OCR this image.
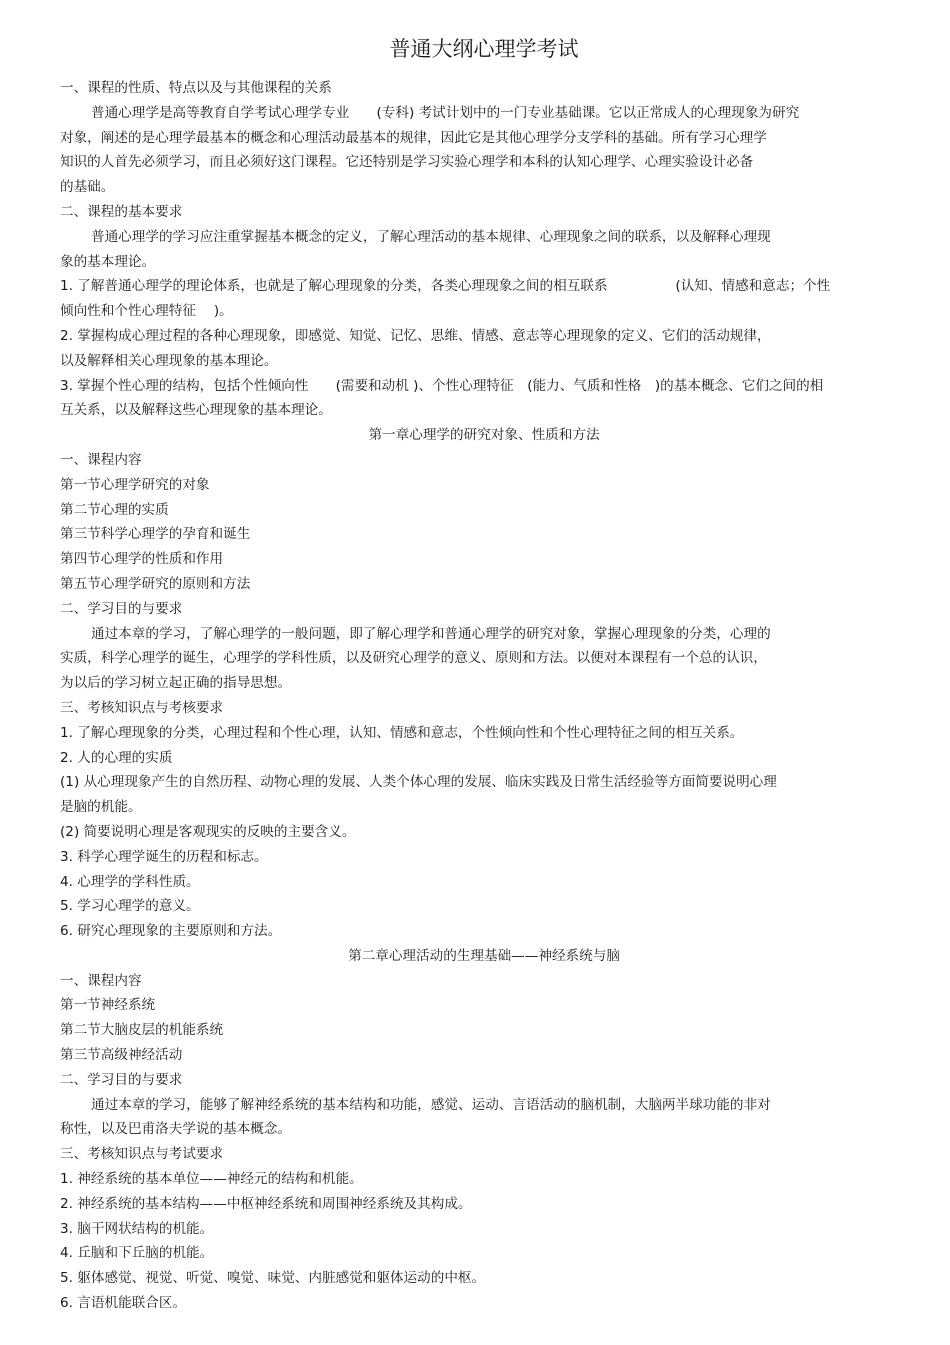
普通大纲心理学考试

一、课程的性质、特点以及与其他课程的关系

普通心理学是高等教育自学考试心理学专业　　(专科) 考试计划中的一门专业基础课。它以正常成人的心理现象为研究

对象，阐述的是心理学最基本的概念和心理活动最基本的规律，因此它是其他心理学分支学科的基础。所有学习心理学

知识的人首先必须学习，而且必须好这门课程。它还特别是学习实验心理学和本科的认知心理学、心理实验设计必备

的基础。

二、课程的基本要求

普通心理学的学习应注重掌握基本概念的定义，了解心理活动的基本规律、心理现象之间的联系，以及解释心理现

象的基本理论。

1. 了解普通心理学的理论体系，也就是了解心理现象的分类，各类心理现象之间的相互联系　　　　　(认知、情感和意志；个性

倾向性和个性心理特征　 )。

2. 掌握构成心理过程的各种心理现象，即感觉、知觉、记忆、思维、情感、意志等心理现象的定义、它们的活动规律，

以及解释相关心理现象的基本理论。

3. 掌握个性心理的结构，包括个性倾向性　　(需要和动机 )、个性心理特征　(能力、气质和性格　)的基本概念、它们之间的相

互关系，以及解释这些心理现象的基本理论。

第一章心理学的研究对象、性质和方法

一、课程内容

第一节心理学研究的对象

第二节心理的实质

第三节科学心理学的孕育和诞生

第四节心理学的性质和作用

第五节心理学研究的原则和方法

二、学习目的与要求

通过本章的学习，了解心理学的一般问题，即了解心理学和普通心理学的研究对象，掌握心理现象的分类，心理的

实质，科学心理学的诞生，心理学的学科性质，以及研究心理学的意义、原则和方法。以便对本课程有一个总的认识，

为以后的学习树立起正确的指导思想。

三、考核知识点与考核要求

1. 了解心理现象的分类，心理过程和个性心理，认知、情感和意志，个性倾向性和个性心理特征之间的相互关系。

2. 人的心理的实质

(1) 从心理现象产生的自然历程、动物心理的发展、人类个体心理的发展、临床实践及日常生活经验等方面简要说明心理

是脑的机能。

(2) 简要说明心理是客观现实的反映的主要含义。

3. 科学心理学诞生的历程和标志。

4. 心理学的学科性质。

5. 学习心理学的意义。

6. 研究心理现象的主要原则和方法。

第二章心理活动的生理基础——神经系统与脑

一、课程内容

第一节神经系统

第二节大脑皮层的机能系统

第三节高级神经活动

二、学习目的与要求

通过本章的学习，能够了解神经系统的基本结构和功能，感觉、运动、言语活动的脑机制，大脑两半球功能的非对

称性，以及巴甫洛夫学说的基本概念。

三、考核知识点与考试要求

1. 神经系统的基本单位——神经元的结构和机能。

2. 神经系统的基本结构——中枢神经系统和周围神经系统及其构成。

3. 脑干网状结构的机能。

4. 丘脑和下丘脑的机能。

5. 躯体感觉、视觉、听觉、嗅觉、味觉、内脏感觉和躯体运动的中枢。

6. 言语机能联合区。
